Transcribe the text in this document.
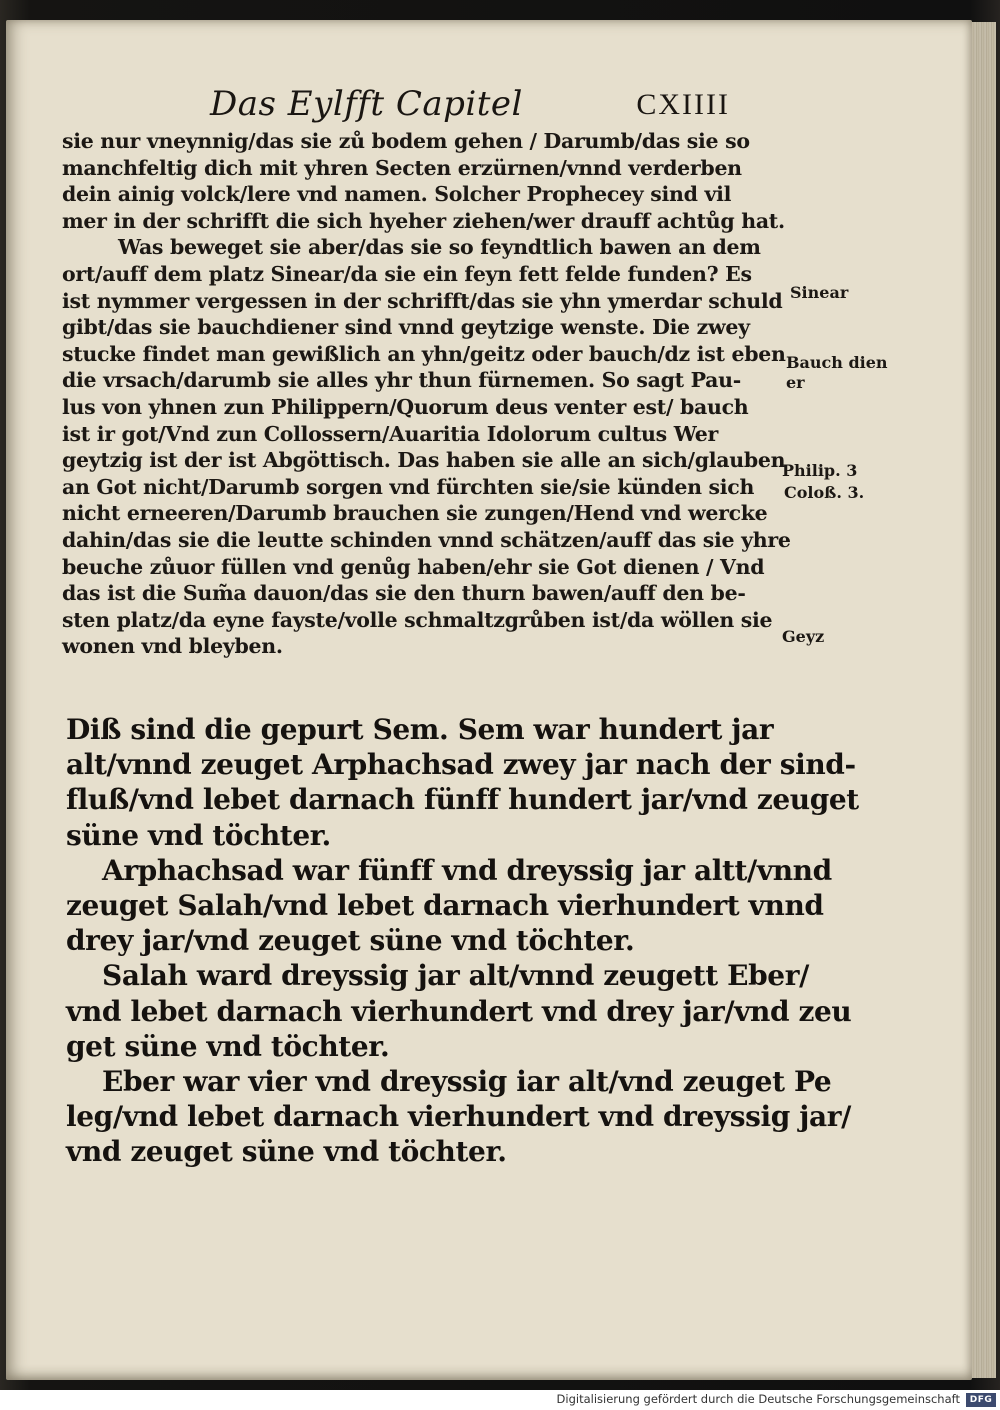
Das Eylfft Capitel	CXIIII
sie nur vneynnig/das sie zů bodem gehen / Darumb/das sie so
manchfeltig dich mit yhren Secten erzürnen/vnnd verderben
dein ainig volck/lere vnd namen. Solcher Prophecey sind vil
mer in der schrifft die sich hyeher ziehen/wer drauff achtůg hat.
Was beweget sie aber/das sie so feyndtlich bawen an dem
ort/auff dem platz Sinear/da sie ein feyn fett felde funden? Es
ist nymmer vergessen in der schrifft/das sie yhn ymerdar schuld
gibt/das sie bauchdiener sind vnnd geytzige wenste. Die zwey
stucke findet man gewißlich an yhn/geitz oder bauch/dz ist eben
die vrsach/darumb sie alles yhr thun fürnemen. So sagt Pau-
lus von yhnen zun Philippern/Quorum deus venter est/ bauch
ist ir got/Vnd zun Collossern/Auaritia Idolorum cultus Wer
geytzig ist der ist Abgöttisch. Das haben sie alle an sich/glauben
an Got nicht/Darumb sorgen vnd fürchten sie/sie künden sich
nicht erneeren/Darumb brauchen sie zungen/Hend vnd wercke
dahin/das sie die leutte schinden vnnd schätzen/auff das sie yhre
beuche zůuor füllen vnd genůg haben/ehr sie Got dienen / Vnd
das ist die Sum̃a dauon/das sie den thurn bawen/auff den be-
sten platz/da eyne fayste/volle schmaltzgrůben ist/da wöllen sie
wonen vnd bleyben.
Diß sind die gepurt Sem. Sem war hundert jar
alt/vnnd zeuget Arphachsad zwey jar nach der sind-
fluß/vnd lebet darnach fünff hundert jar/vnd zeuget
süne vnd töchter.
Arphachsad war fünff vnd dreyssig jar altt/vnnd
zeuget Salah/vnd lebet darnach vierhundert vnnd
drey jar/vnd zeuget süne vnd töchter.
Salah ward dreyssig jar alt/vnnd zeugett Eber/
vnd lebet darnach vierhundert vnd drey jar/vnd zeu
get süne vnd töchter.
Eber war vier vnd dreyssig iar alt/vnd zeuget Pe
leg/vnd lebet darnach vierhundert vnd dreyssig jar/
vnd zeuget süne vnd töchter.
Sinear
Bauch dien
er
Philip. 3
Coloß. 3.
Geyz
Digitalisierung gefördert durch die Deutsche Forschungsgemeinschaft	DFG
